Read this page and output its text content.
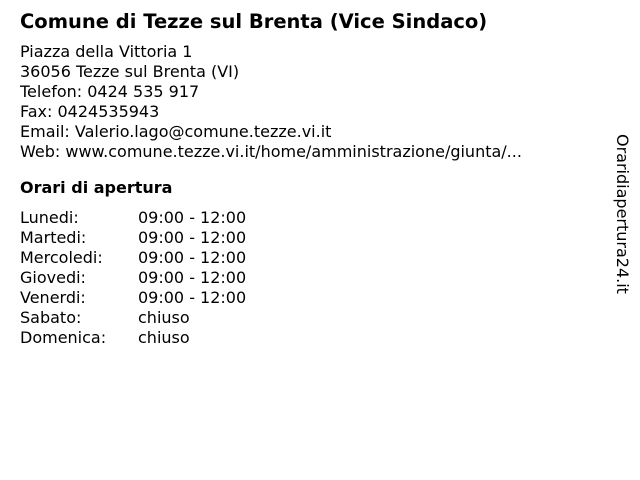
Comune di Tezze sul Brenta (Vice Sindaco)
Piazza della Vittoria 1
36056 Tezze sul Brenta (VI)
Telefon: 0424 535 917
Fax: 0424535943
Email: Valerio.lago@comune.tezze.vi.it
Web: www.comune.tezze.vi.it/home/amministrazione/giunta/...
Orari di apertura
Lunedi:	09:00 - 12:00
Martedi:	09:00 - 12:00
Mercoledi:	09:00 - 12:00
Giovedi:	09:00 - 12:00
Venerdi:	09:00 - 12:00
Sabato:	chiuso
Domenica:	chiuso
Oraridiapertura24.it
